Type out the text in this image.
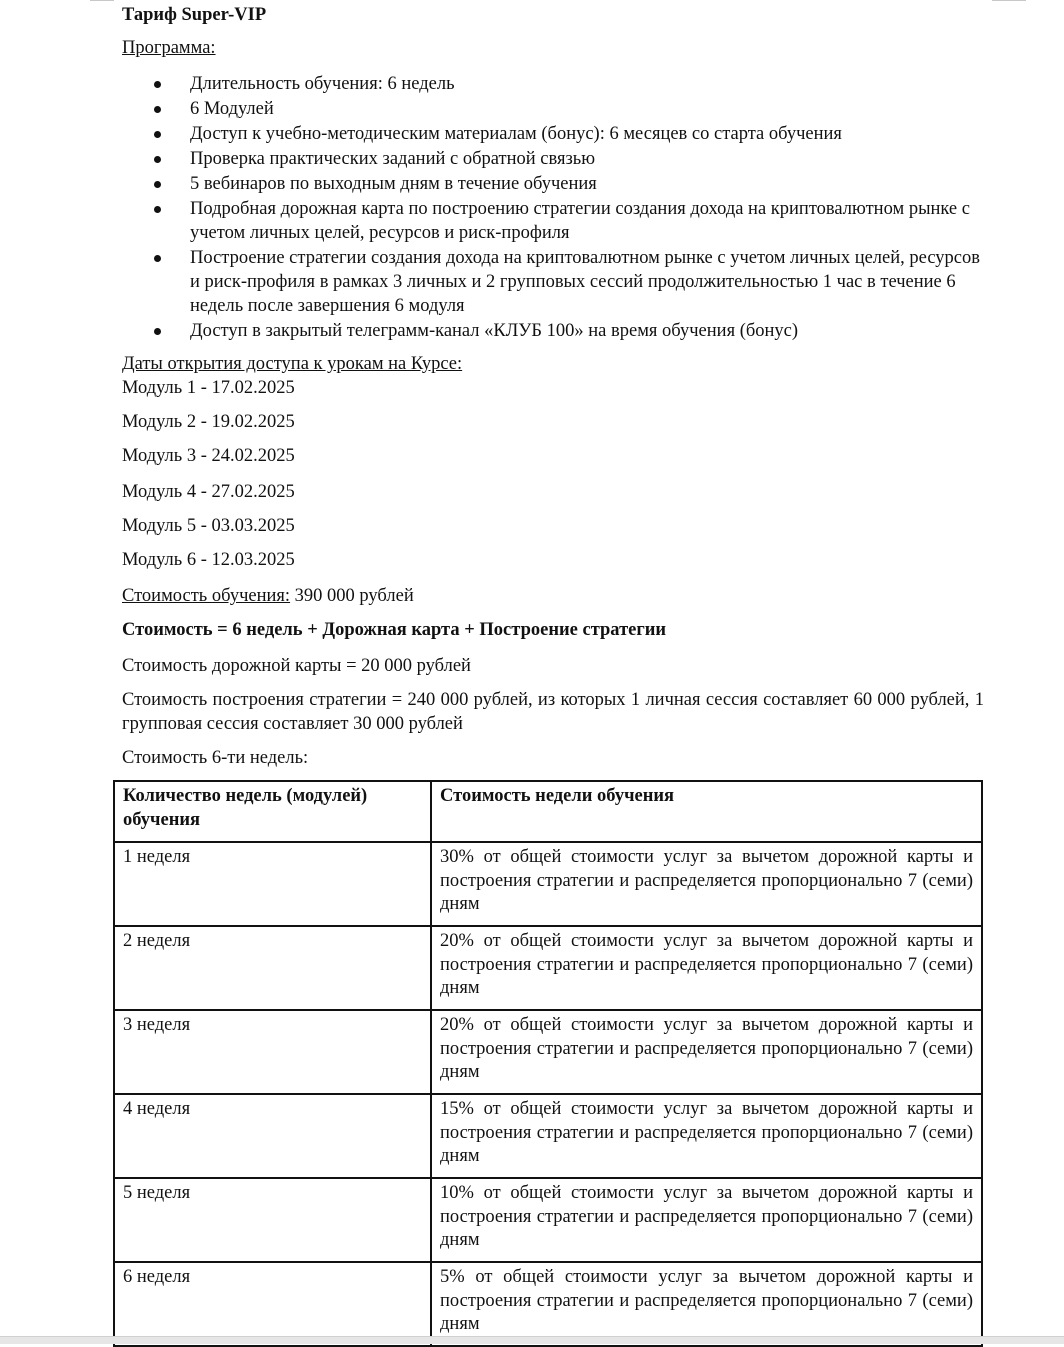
Тариф Super-VIP
Программа:
Длительность обучения: 6 недель
6 Модулей
Доступ к учебно-методическим материалам (бонус): 6 месяцев со старта обучения
Проверка практических заданий с обратной связью
5 вебинаров по выходным дням в течение обучения
Подробная дорожная карта по построению стратегии создания дохода на криптовалютном рынке с учетом личных целей, ресурсов и риск-профиля
Построение стратегии создания дохода на криптовалютном рынке с учетом личных целей, ресурсов и риск-профиля в рамках 3 личных и 2 групповых сессий продолжительностью 1 час в течение 6 недель после завершения 6 модуля
Доступ в закрытый телеграмм-канал «КЛУБ 100» на время обучения (бонус)
Даты открытия доступа к урокам на Курсе:
Модуль 1 - 17.02.2025
Модуль 2 - 19.02.2025
Модуль 3 - 24.02.2025
Модуль 4 - 27.02.2025
Модуль 5 - 03.03.2025
Модуль 6 - 12.03.2025
Стоимость обучения: 390 000 рублей
Стоимость = 6 недель + Дорожная карта + Построение стратегии
Стоимость дорожной карты = 20 000 рублей
Стоимость построения стратегии = 240 000 рублей, из которых 1 личная сессия составляет 60 000 рублей, 1 групповая сессия составляет 30 000 рублей
Стоимость 6-ти недель:
Количество недель (модулей) обучения	Стоимость недели обучения
1 неделя	30% от общей стоимости услуг за вычетом дорожной карты и построения стратегии и распределяется пропорционально 7 (семи) дням
2 неделя	20% от общей стоимости услуг за вычетом дорожной карты и построения стратегии и распределяется пропорционально 7 (семи) дням
3 неделя	20% от общей стоимости услуг за вычетом дорожной карты и построения стратегии и распределяется пропорционально 7 (семи) дням
4 неделя	15% от общей стоимости услуг за вычетом дорожной карты и построения стратегии и распределяется пропорционально 7 (семи) дням
5 неделя	10% от общей стоимости услуг за вычетом дорожной карты и построения стратегии и распределяется пропорционально 7 (семи) дням
6 неделя	5% от общей стоимости услуг за вычетом дорожной карты и построения стратегии и распределяется пропорционально 7 (семи) дням
